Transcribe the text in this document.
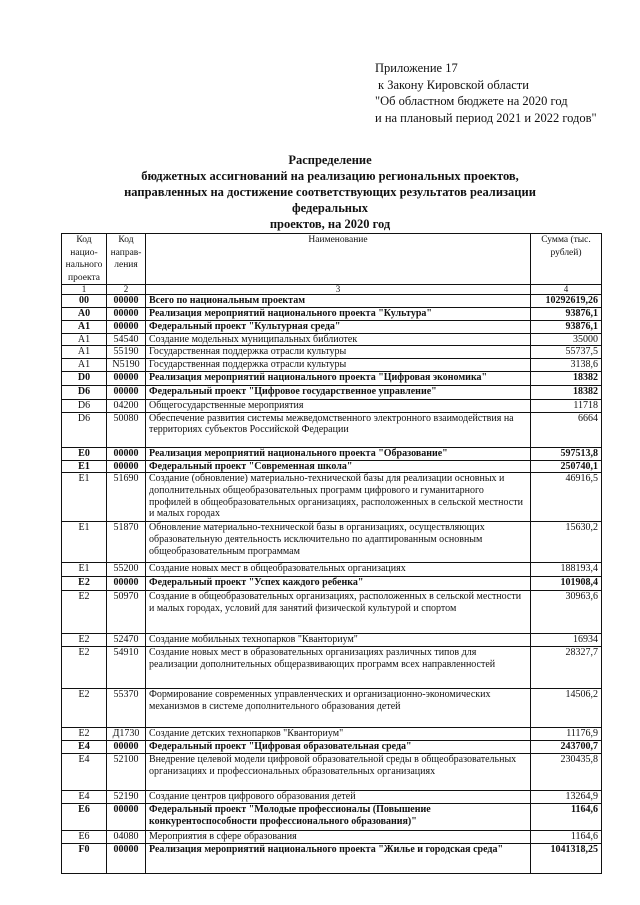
Приложение 17
к Закону Кировской области
"Об областном бюджете на 2020 год
и на плановый период 2021 и 2022 годов"
Распределение
бюджетных ассигнований на реализацию региональных проектов,
направленных на достижение соответствующих результатов реализации федеральных
проектов, на 2020 год
Код нацио-нального проекта	Код направ-ления	Наименование	Сумма (тыс. рублей)
1	2	3	4
00	00000	Всего по национальным проектам	10292619,26
A0	00000	Реализация мероприятий национального проекта "Культура"	93876,1
A1	00000	Федеральный проект "Культурная среда"	93876,1
A1	54540	Создание модельных муниципальных библиотек	35000
A1	55190	Государственная поддержка отрасли культуры	55737,5
A1	N5190	Государственная поддержка отрасли культуры	3138,6
D0	00000	Реализация мероприятий национального проекта "Цифровая экономика"	18382
D6	00000	Федеральный проект "Цифровое государственное управление"	18382
D6	04200	Общегосударственные мероприятия	11718
D6	50080	Обеспечение развития системы межведомственного электронного взаимодействия на территориях субъектов Российской Федерации	6664
E0	00000	Реализация мероприятий национального проекта "Образование"	597513,8
E1	00000	Федеральный проект "Современная школа"	250740,1
E1	51690	Создание (обновление) материально-технической базы для реализации основных и дополнительных общеобразовательных программ цифрового и гуманитарного профилей в общеобразовательных организациях, расположенных в сельской местности и малых городах	46916,5
E1	51870	Обновление материально-технической базы в организациях, осуществляющих образовательную деятельность исключительно по адаптированным основным общеобразовательным программам	15630,2
E1	55200	Создание новых мест в общеобразовательных организациях	188193,4
E2	00000	Федеральный проект "Успех каждого ребенка"	101908,4
E2	50970	Создание в общеобразовательных организациях, расположенных в сельской местности и малых городах, условий для занятий физической культурой и спортом	30963,6
E2	52470	Создание мобильных технопарков "Кванториум"	16934
E2	54910	Создание новых мест в образовательных организациях различных типов для реализации дополнительных общеразвивающих программ всех направленностей	28327,7
E2	55370	Формирование современных управленческих и организационно-экономических механизмов в системе дополнительного образования детей	14506,2
E2	Д1730	Создание детских технопарков "Кванториум"	11176,9
E4	00000	Федеральный проект "Цифровая образовательная среда"	243700,7
E4	52100	Внедрение целевой модели цифровой образовательной среды в общеобразовательных организациях и профессиональных образовательных организациях	230435,8
E4	52190	Создание центров цифрового образования детей	13264,9
E6	00000	Федеральный проект "Молодые профессионалы (Повышение конкурентоспособности профессионального образования)"	1164,6
E6	04080	Мероприятия в сфере образования	1164,6
F0	00000	Реализация мероприятий национального проекта "Жилье и городская среда"	1041318,25
